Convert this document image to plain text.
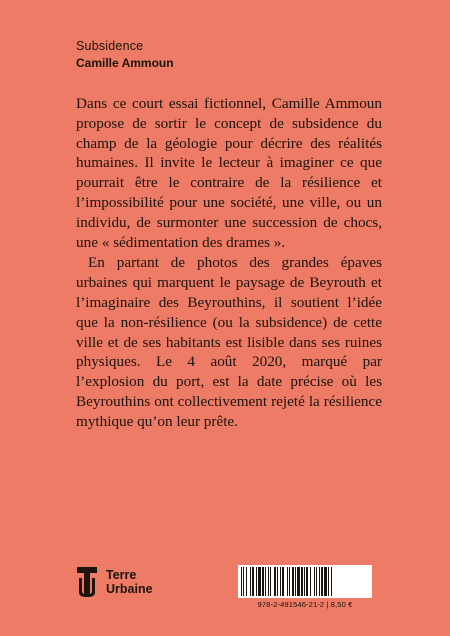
Subsidence
Camille Ammoun

Dans ce court essai fictionnel, Camille Ammoun propose de sortir le concept de subsidence du champ de la géologie pour décrire des réalités humaines. Il invite le lecteur à imaginer ce que pourrait être le contraire de la résilience et l’impossibilité pour une société, une ville, ou un individu, de surmonter une succession de chocs, une « sédimentation des drames ».

En partant de photos des grandes épaves urbaines qui marquent le paysage de Beyrouth et l’imaginaire des Beyrouthins, il soutient l’idée que la non-résilience (ou la subsidence) de cette ville et de ses habitants est lisible dans ses ruines physiques. Le 4 août 2020, marqué par l’explosion du port, est la date précise où les Beyrouthins ont collectivement rejeté la résilience mythique qu’on leur prête.

Terre
Urbaine
978-2-491546-21-2 | 8,50 €
